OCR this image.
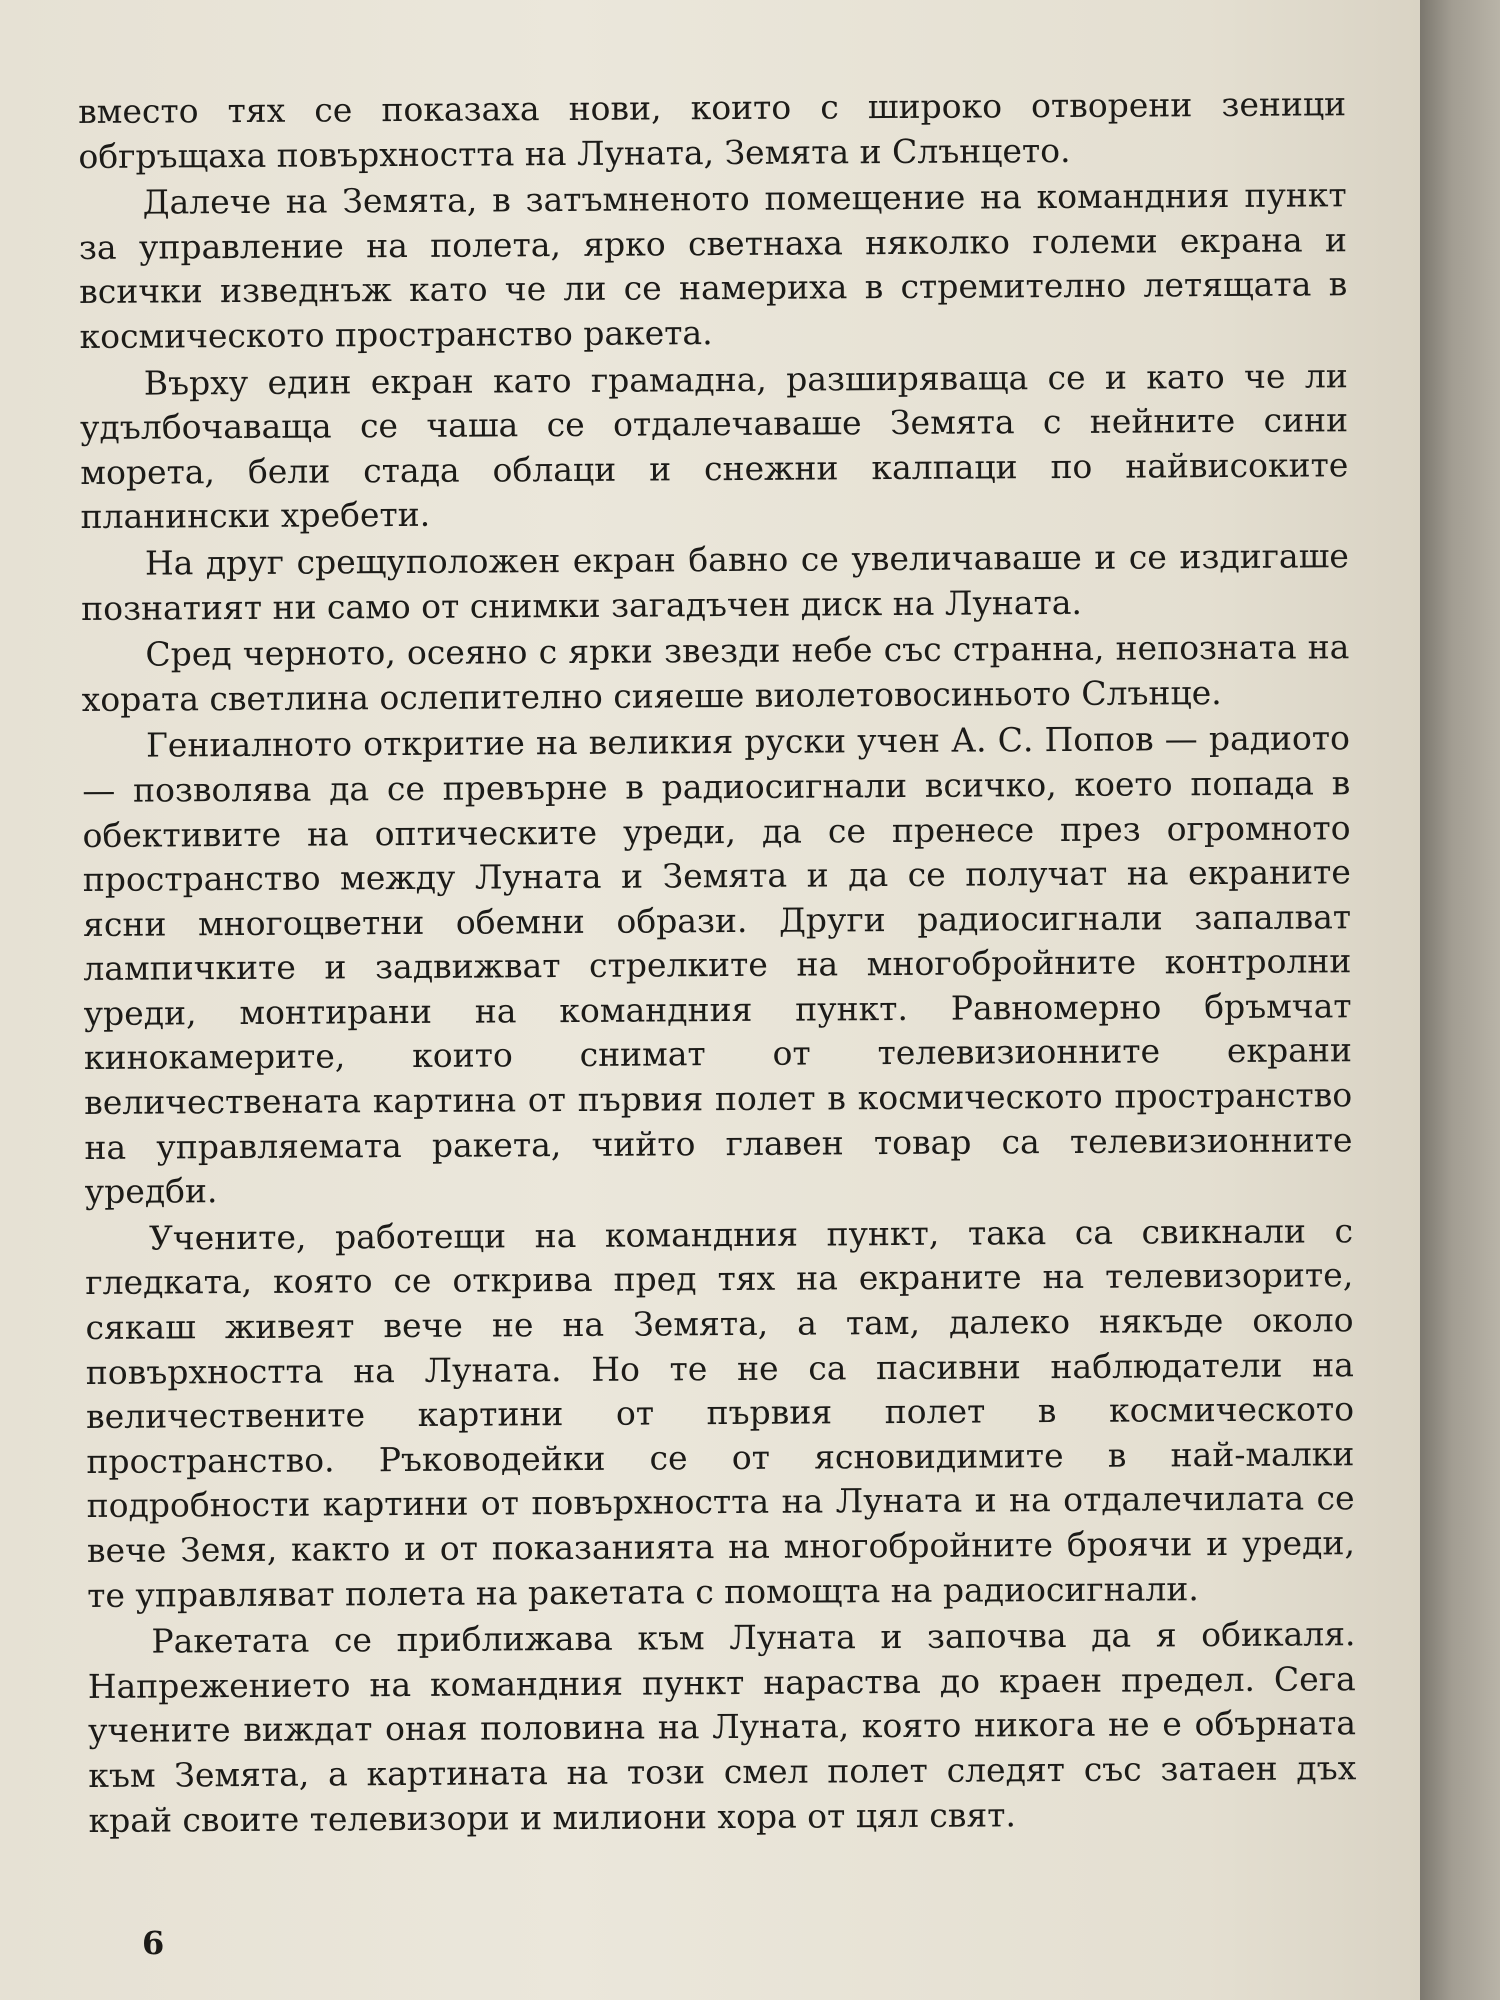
вместо тях се показаха нови, които с широко отворени зеници обгръщаха повърхността на Луната, Земята и Слънцето.

Далече на Земята, в затъмненото помещение на командния пункт за управление на полета, ярко светнаха няколко големи екрана и всички изведнъж като че ли се намериха в стремително летящата в космическото пространство ракета.

Върху един екран като грамадна, разширяваща се и като че ли удълбочаваща се чаша се отдалечаваше Земята с нейните сини морета, бели стада облаци и снежни калпаци по найвисоките планински хребети.

На друг срещуположен екран бавно се увеличаваше и се издигаше познатият ни само от снимки загадъчен диск на Луната.

Сред черното, осеяно с ярки звезди небе със странна, непозната на хората светлина ослепително сияеше виолетовосиньото Слънце.

Гениалното откритие на великия руски учен А. С. Попов — радиото — позволява да се превърне в радиосигнали всичко, което попада в обективите на оптическите уреди, да се пренесе през огромното пространство между Луната и Земята и да се получат на екраните ясни многоцветни обемни образи. Други радиосигнали запалват лампичките и задвижват стрелките на многобройните контролни уреди, монтирани на командния пункт. Равномерно бръмчат кинокамерите, които снимат от телевизионните екрани величествената картина от първия полет в космическото пространство на управляемата ракета, чийто главен товар са телевизионните уредби.

Учените, работещи на командния пункт, така са свикнали с гледката, която се открива пред тях на екраните на телевизорите, сякаш живеят вече не на Земята, а там, далеко някъде около повърхността на Луната. Но те не са пасивни наблюдатели на величествените картини от първия полет в космическото пространство. Ръководейки се от ясновидимите в най-малки подробности картини от повърхността на Луната и на отдалечилата се вече Земя, както и от показанията на многобройните броячи и уреди, те управляват полета на ракетата с помощта на радиосигнали.

Ракетата се приближава към Луната и започва да я обикаля. Напрежението на командния пункт нараства до краен предел. Сега учените виждат оная половина на Луната, която никога не е обърната към Земята, а картината на този смел полет следят със затаен дъх край своите телевизори и милиони хора от цял свят.

6
